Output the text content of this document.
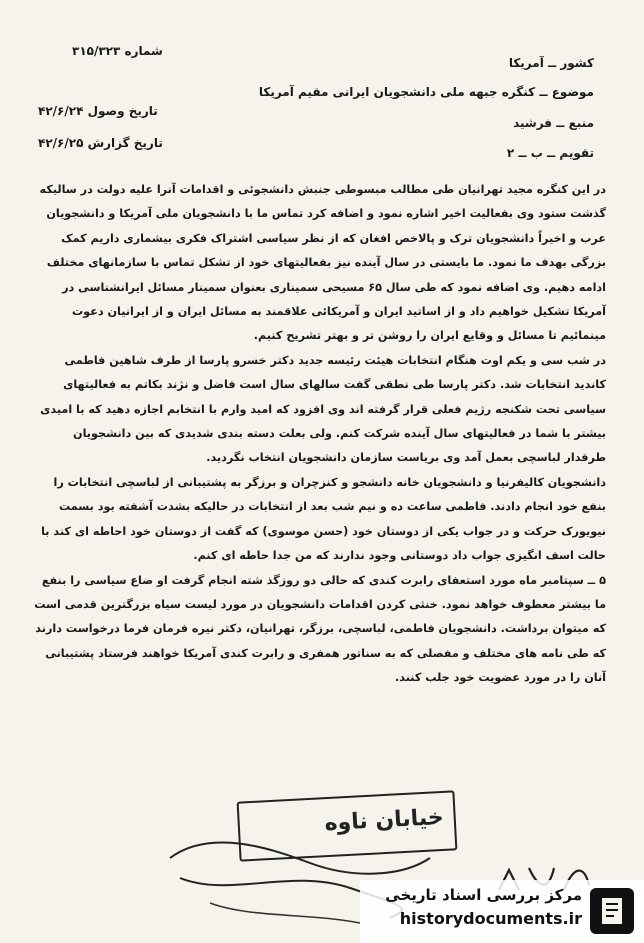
شماره ۳۱۵/۳۲۳
کشور ــ آمریکا
موضوع ــ کنگره جبهه ملی دانشجویان ایرانی مقیم آمریکا
تاریخ وصول ۴۲/۶/۲۴
منبع ــ فرشید
تاریخ گزارش ۴۲/۶/۲۵
تقویم ــ ب ــ ۲

در این کنگره مجید تهرانیان طی مطالب مبسوطی جنبش دانشجوئی و اقدامات آنرا علیه دولت در سالیکه گذشت ستود وی بفعالیت اخیر اشاره نمود و اضافه کرد تماس ما با دانشجویان ملی آمریکا و دانشجویان عرب و اخیراً دانشجویان ترک و پالاخص افغان که از نظر سیاسی اشتراک فکری بیشماری داریم کمک بزرگی بهدف ما نمود. ما بایستی در سال آینده نیز بفعالیتهای خود از تشکل تماس با سازمانهای مختلف ادامه دهیم. وی اضافه نمود که طی سال ۶۵ مسیحی سمیناری بعنوان سمینار مسائل ایرانشناسی در آمریکا تشکیل خواهیم داد و از اساتید ایران و آمریکائی علاقمند به مسائل ایران و از ایرانیان دعوت مینمائیم تا مسائل و وقایع ایران را روشن تر و بهتر تشریح کنیم.

در شب سی و یکم اوت هنگام انتخابات هیئت رئیسه جدید دکتر خسرو پارسا از طرف شاهین فاطمی کاندید انتخابات شد. دکتر پارسا طی نطقی گفت سالهای سال است فاضل و نژند بکاتم به فعالیتهای سیاسی تحت شکنجه رژیم فعلی قرار گرفته اند وی افزود که امید وارم با انتخابم اجازه دهید که با امیدی بیشتر با شما در فعالیتهای سال آینده شرکت کنم. ولی بعلت دسته بندی شدیدی که بین دانشجویان طرفدار لباسچی بعمل آمد وی بریاست سازمان دانشجویان انتخاب نگردید.

دانشجویان کالیفرنیا و دانشجویان خانه دانشجو و کنزچران و برزگر به پشتیبانی از لباسچی انتخابات را بنفع خود انجام دادند. فاطمی ساعت ده و نیم شب بعد از انتخابات در حالیکه بشدت آشفته بود بسمت نیویورک حرکت و در جواب یکی از دوستان خود (حسن موسوی) که گفت از دوستان خود احاطه ای کند با حالت اسف انگیزی جواب داد دوستانی وجود ندارند که من جدا حاطه ای کنم.

۵ ــ سپتامبر ماه مورد استعفای رابرت کندی که حالی دو روزگذ شته انجام گرفت او ضاع سیاسی را بنفع ما بیشتر معطوف خواهد نمود. خنثی کردن اقدامات دانشجویان در مورد لیست سیاه بزرگترین قدمی است که میتوان برداشت. دانشجویان فاطمی، لباسچی، برزگر، تهرانیان، دکتر نیره فرمان فرما درخواست دارند که طی نامه های مختلف و مفصلی که به سناتور همفری و رابرت کندی آمریکا خواهند فرستاد پشتیبانی آنان را در مورد عضویت خود جلب کنند.

خیابان ناوه
مرکز بررسی اسناد تاریخی
historydocuments.ir
